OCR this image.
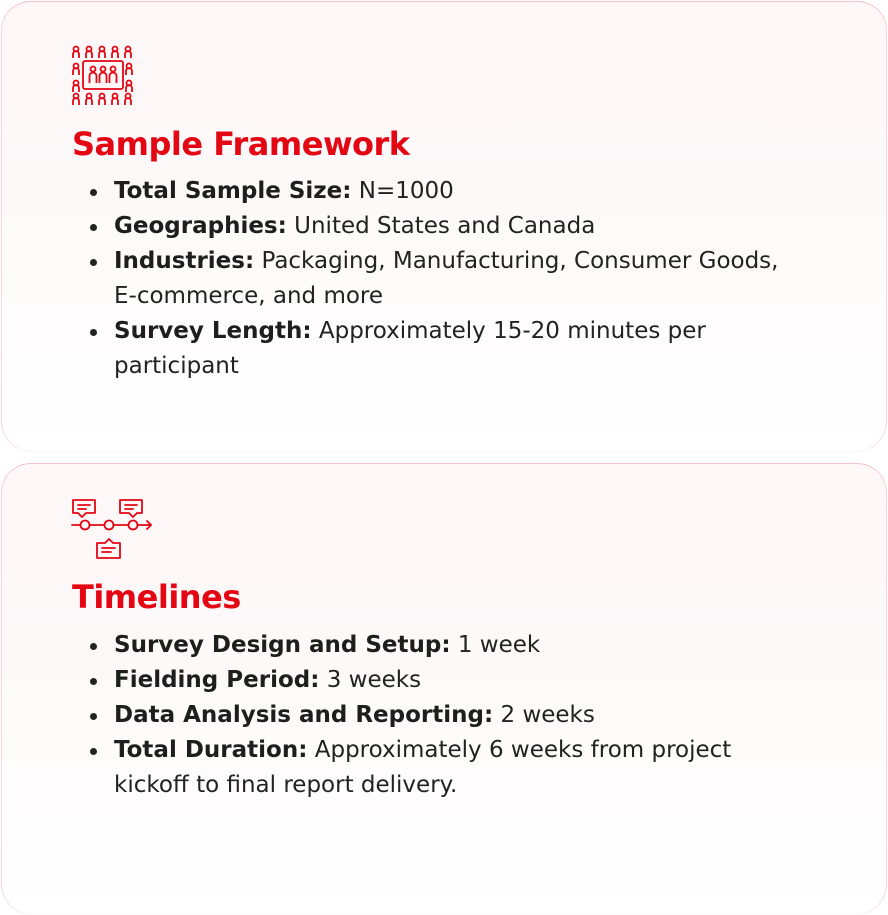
Sample Framework
Total Sample Size: N=1000
Geographies: United States and Canada
Industries: Packaging, Manufacturing, Consumer Goods, E-commerce, and more
Survey Length: Approximately 15-20 minutes per participant
Timelines
Survey Design and Setup: 1 week
Fielding Period: 3 weeks
Data Analysis and Reporting: 2 weeks
Total Duration: Approximately 6 weeks from project kickoff to final report delivery.
